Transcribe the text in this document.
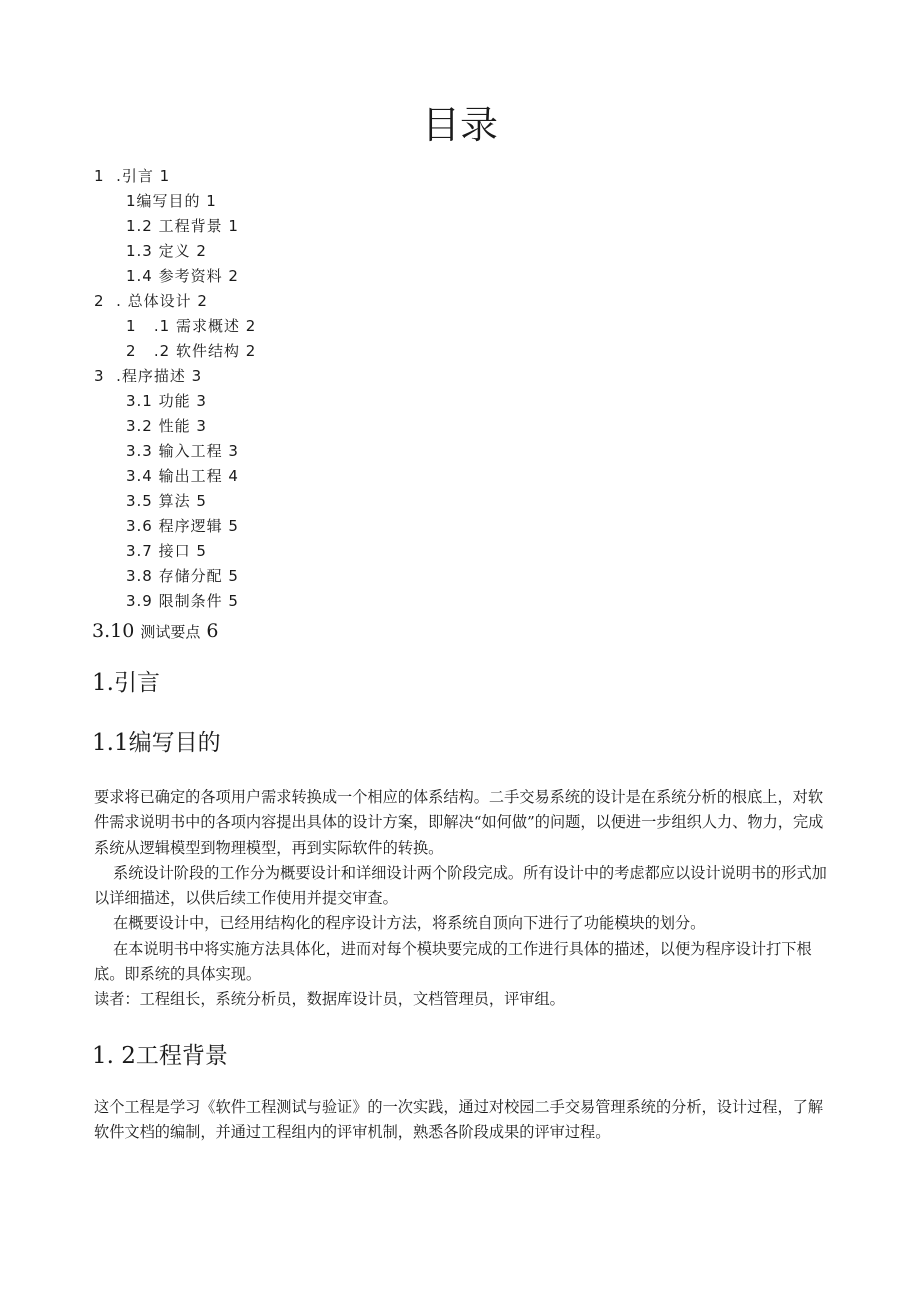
目录
1 .引言 1
1编写目的 1
1.2 工程背景 1
1.3 定义 2
1.4 参考资料 2
2 . 总体设计 2
1 .1 需求概述 2
2 .2 软件结构 2
3 .程序描述 3
3.1 功能 3
3.2 性能 3
3.3 输入工程 3
3.4 输出工程 4
3.5 算法 5
3.6 程序逻辑 5
3.7 接口 5
3.8 存储分配 5
3.9 限制条件 5
3.10 测试要点 6
1.引言
1.1编写目的

要求将已确定的各项用户需求转换成一个相应的体系结构。二手交易系统的设计是在系统分析的根底上，对软件需求说明书中的各项内容提出具体的设计方案，即解决“如何做”的问题，以便进一步组织人力、物力，完成系统从逻辑模型到物理模型，再到实际软件的转换。

系统设计阶段的工作分为概要设计和详细设计两个阶段完成。所有设计中的考虑都应以设计说明书的形式加以详细描述，以供后续工作使用并提交审查。

在概要设计中，已经用结构化的程序设计方法，将系统自顶向下进行了功能模块的划分。

在本说明书中将实施方法具体化，进而对每个模块要完成的工作进行具体的描述，以便为程序设计打下根底。即系统的具体实现。

读者：工程组长，系统分析员，数据库设计员，文档管理员，评审组。

1. 2工程背景

这个工程是学习《软件工程测试与验证》的一次实践，通过对校园二手交易管理系统的分析，设计过程，了解软件文档的编制，并通过工程组内的评审机制，熟悉各阶段成果的评审过程。
